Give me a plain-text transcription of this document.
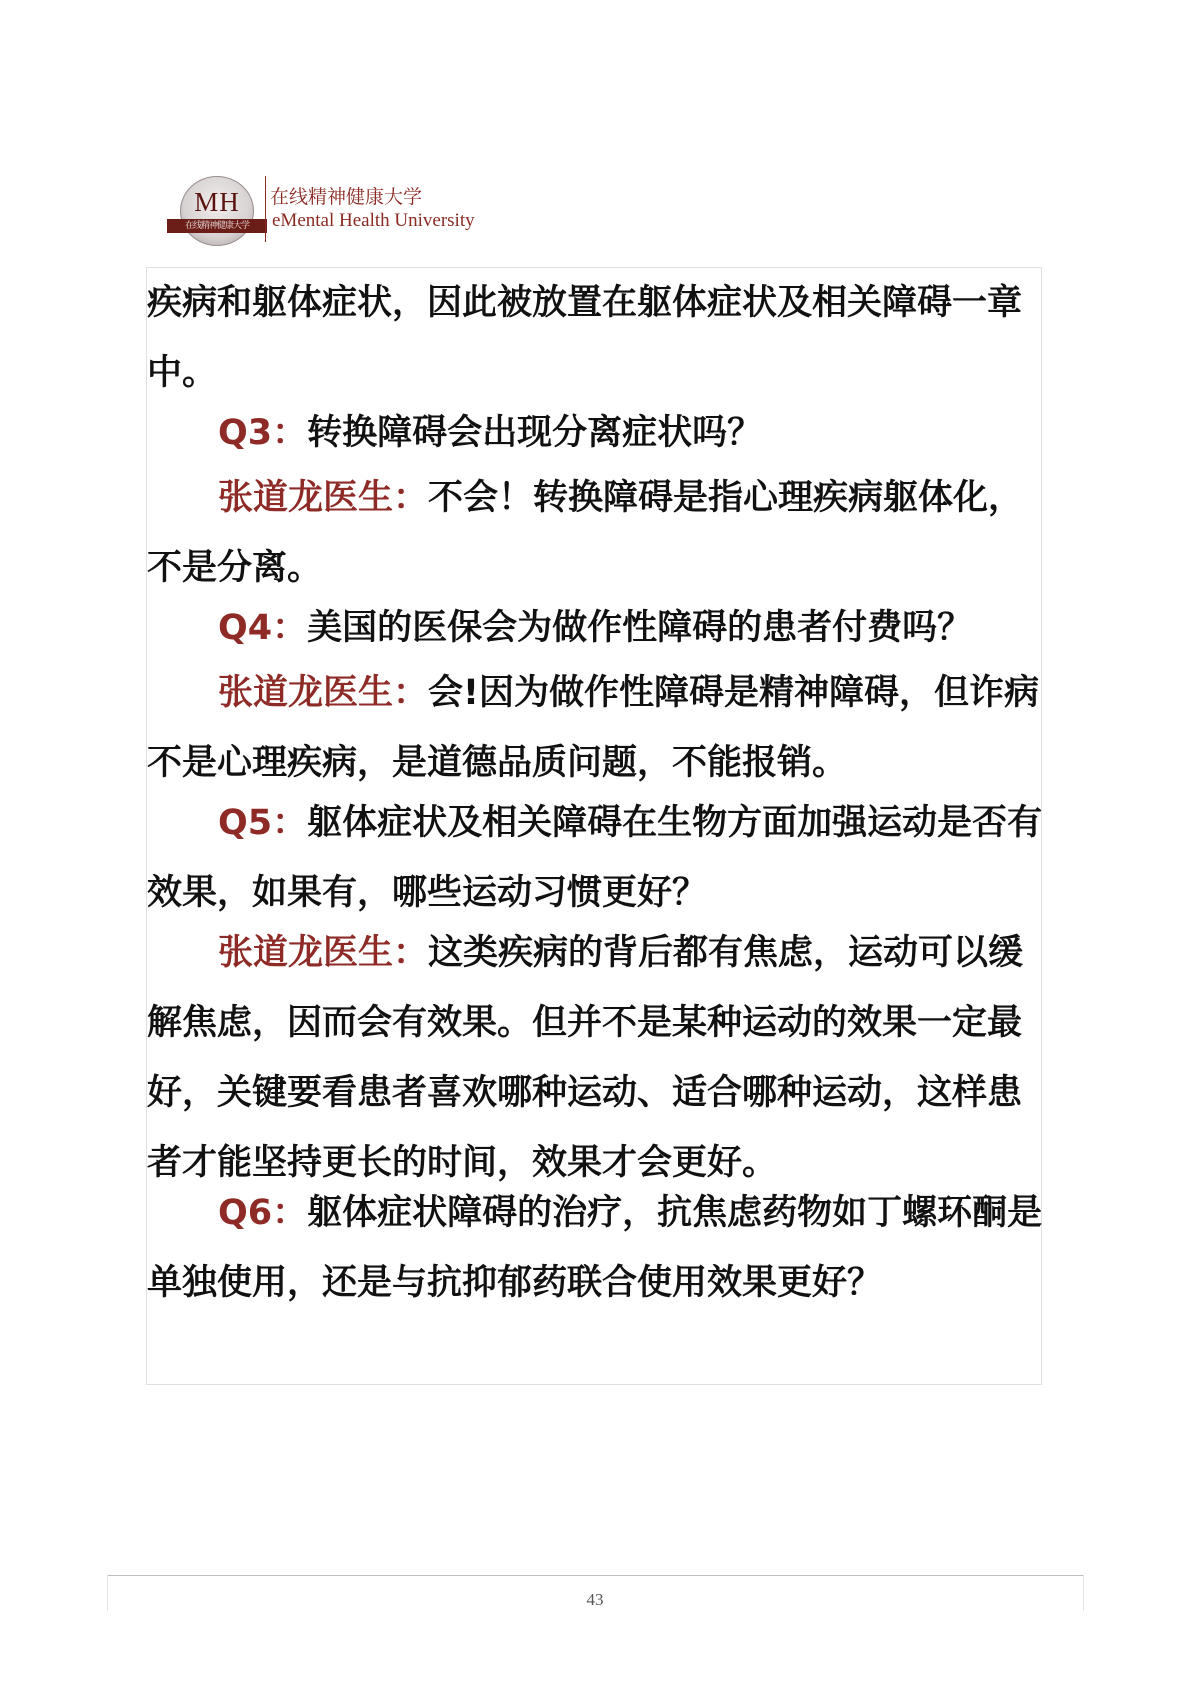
MH
在线精神健康大学
在线精神健康大学
eMental Health University

疾病和躯体症状，因此被放置在躯体症状及相关障碍一章中。

Q3：转换障碍会出现分离症状吗？

张道龙医生：不会！转换障碍是指心理疾病躯体化，不是分离。

Q4：美国的医保会为做作性障碍的患者付费吗？

张道龙医生：会!因为做作性障碍是精神障碍，但诈病不是心理疾病，是道德品质问题，不能报销。

Q5：躯体症状及相关障碍在生物方面加强运动是否有效果，如果有，哪些运动习惯更好？

张道龙医生：这类疾病的背后都有焦虑，运动可以缓解焦虑，因而会有效果。但并不是某种运动的效果一定最好，关键要看患者喜欢哪种运动、适合哪种运动，这样患者才能坚持更长的时间，效果才会更好。

Q6：躯体症状障碍的治疗，抗焦虑药物如丁螺环酮是单独使用，还是与抗抑郁药联合使用效果更好？

43
